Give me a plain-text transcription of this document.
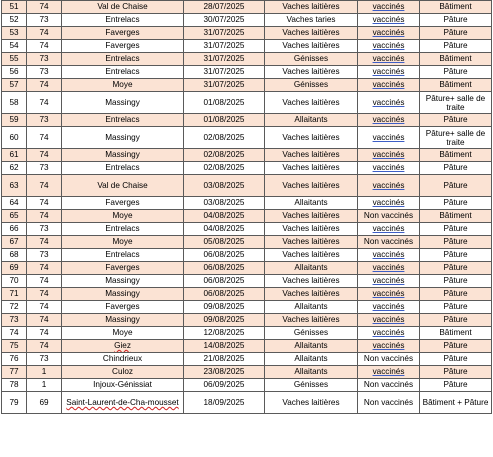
51	74	Val de Chaise	28/07/2025	Vaches laitières	vaccinés	Bâtiment
52	73	Entrelacs	30/07/2025	Vaches taries	vaccinés	Pâture
53	74	Faverges	31/07/2025	Vaches laitières	vaccinés	Pâture
54	74	Faverges	31/07/2025	Vaches laitières	vaccinés	Pâture
55	73	Entrelacs	31/07/2025	Génisses	vaccinés	Bâtiment
56	73	Entrelacs	31/07/2025	Vaches laitières	vaccinés	Pâture
57	74	Moye	31/07/2025	Génisses	vaccinés	Bâtiment
58	74	Massingy	01/08/2025	Vaches laitières	vaccinés	Pâture+ salle de traite
59	73	Entrelacs	01/08/2025	Allaitants	vaccinés	Pâture
60	74	Massingy	02/08/2025	Vaches laitières	vaccinés	Pâture+ salle de traite
61	74	Massingy	02/08/2025	Vaches laitières	vaccinés	Bâtiment
62	73	Entrelacs	02/08/2025	Vaches laitières	vaccinés	Pâture
63	74	Val de Chaise	03/08/2025	Vaches laitières	vaccinés	Pâture
64	74	Faverges	03/08/2025	Allaitants	vaccinés	Pâture
65	74	Moye	04/08/2025	Vaches laitières	Non vaccinés	Bâtiment
66	73	Entrelacs	04/08/2025	Vaches laitières	vaccinés	Pâture
67	74	Moye	05/08/2025	Vaches laitières	Non vaccinés	Pâture
68	73	Entrelacs	06/08/2025	Vaches laitières	vaccinés	Pâture
69	74	Faverges	06/08/2025	Allaitants	vaccinés	Pâture
70	74	Massingy	06/08/2025	Vaches laitières	vaccinés	Pâture
71	74	Massingy	06/08/2025	Vaches laitières	vaccinés	Pâture
72	74	Faverges	09/08/2025	Allaitants	vaccinés	Pâture
73	74	Massingy	09/08/2025	Vaches laitières	vaccinés	Pâture
74	74	Moye	12/08/2025	Génisses	vaccinés	Bâtiment
75	74	Giez	14/08/2025	Allaitants	vaccinés	Pâture
76	73	Chindrieux	21/08/2025	Allaitants	Non vaccinés	Pâture
77	1	Culoz	23/08/2025	Allaitants	vaccinés	Pâture
78	1	Injoux-Génissiat	06/09/2025	Génisses	Non vaccinés	Pâture
79	69	Saint-Laurent-de-Cha-mousset	18/09/2025	Vaches laitières	Non vaccinés	Bâtiment + Pâture
